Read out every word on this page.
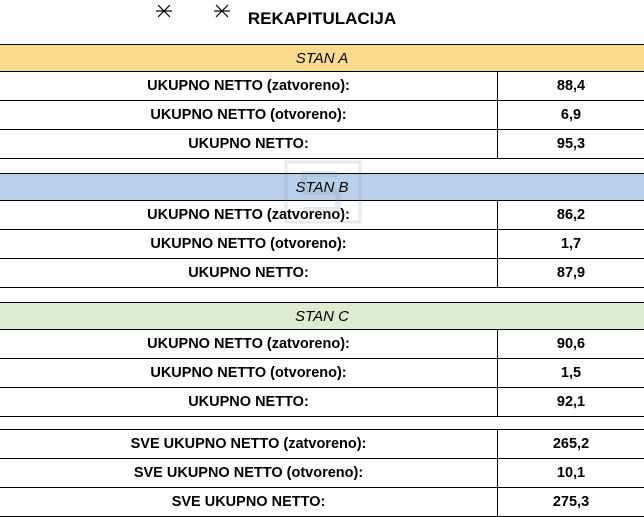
REKAPITULACIJA
STAN A
UKUPNO NETTO (zatvoreno):	88,4
UKUPNO NETTO (otvoreno):	6,9
UKUPNO NETTO:	95,3
STAN B
UKUPNO NETTO (zatvoreno):	86,2
UKUPNO NETTO (otvoreno):	1,7
UKUPNO NETTO:	87,9
STAN C
UKUPNO NETTO (zatvoreno):	90,6
UKUPNO NETTO (otvoreno):	1,5
UKUPNO NETTO:	92,1
SVE UKUPNO NETTO (zatvoreno):	265,2
SVE UKUPNO NETTO (otvoreno):	10,1
SVE UKUPNO NETTO:	275,3
